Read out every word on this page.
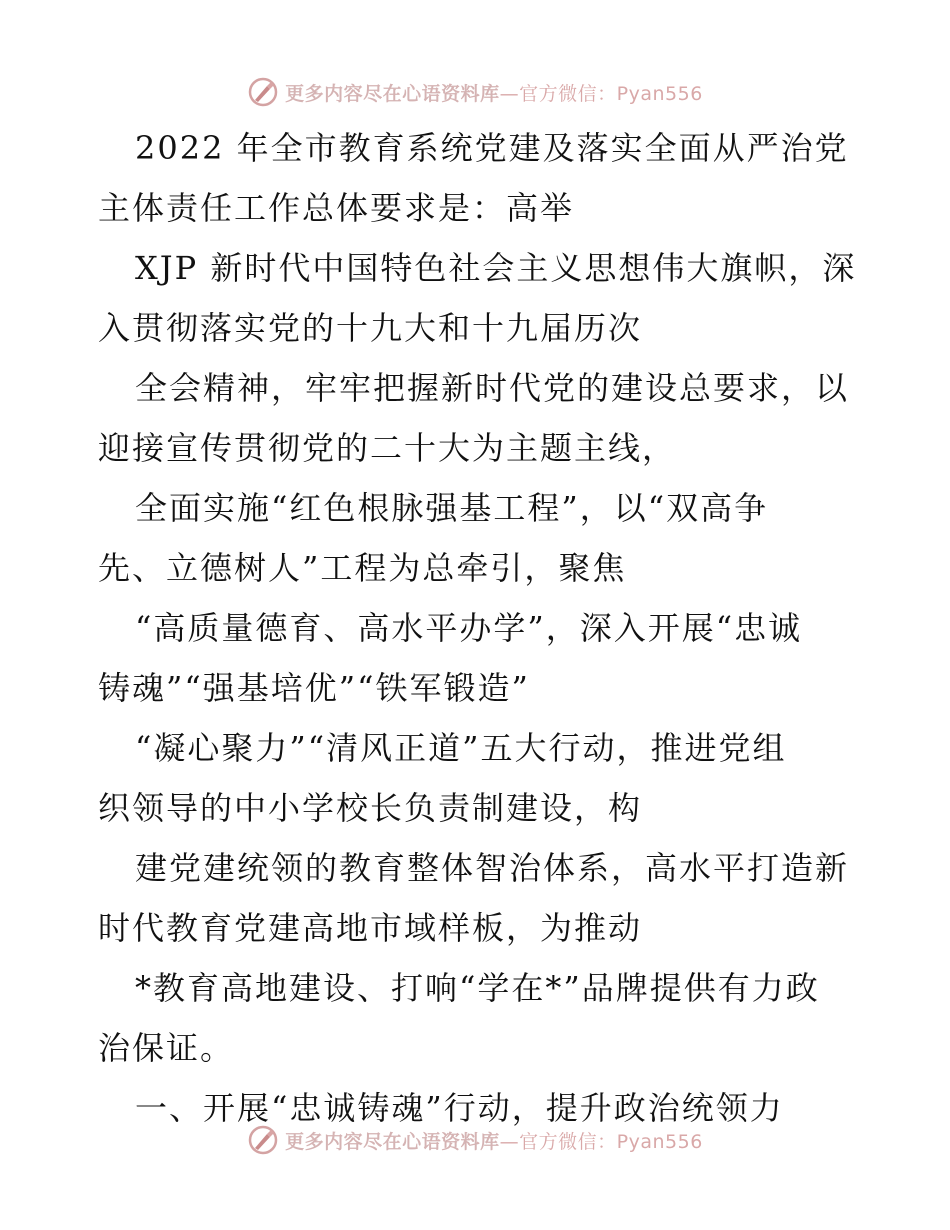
更多内容尽在心语资料库—官方微信：Pyan556
2022 年全市教育系统党建及落实全面从严治党
主体责任工作总体要求是：高举
XJP 新时代中国特色社会主义思想伟大旗帜，深
入贯彻落实党的十九大和十九届历次
全会精神，牢牢把握新时代党的建设总要求，以
迎接宣传贯彻党的二十大为主题主线，
全面实施“红色根脉强基工程”，以“双高争
先、立德树人”工程为总牵引，聚焦
“高质量德育、高水平办学”，深入开展“忠诚
铸魂”“强基培优”“铁军锻造”
“凝心聚力”“清风正道”五大行动，推进党组
织领导的中小学校长负责制建设，构
建党建统领的教育整体智治体系，高水平打造新
时代教育党建高地市域样板，为推动
*教育高地建设、打响“学在*”品牌提供有力政
治保证。
一、开展“忠诚铸魂”行动，提升政治统领力
更多内容尽在心语资料库—官方微信：Pyan556
